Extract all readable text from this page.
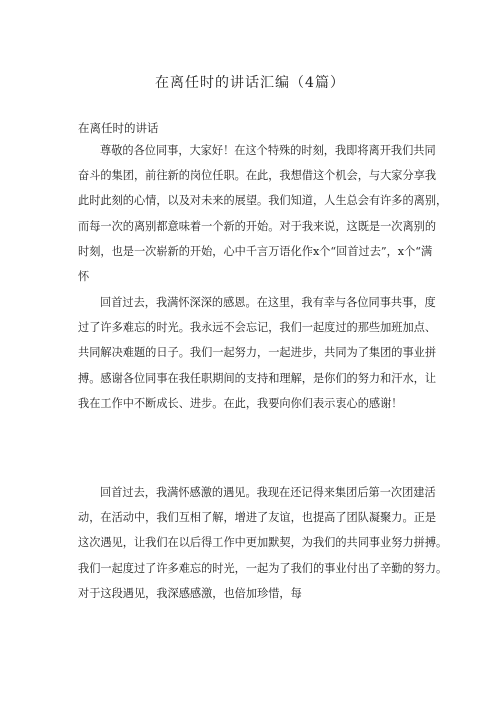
在离任时的讲话汇编（4篇）
在离任时的讲话
尊敬的各位同事，大家好！在这个特殊的时刻，我即将离开我们共同
奋斗的集团，前往新的岗位任职。在此，我想借这个机会，与大家分享我
此时此刻的心情，以及对未来的展望。我们知道，人生总会有许多的离别，
而每一次的离别都意味着一个新的开始。对于我来说，这既是一次离别的
时刻，也是一次崭新的开始，心中千言万语化作x个“回首过去”，x个“满
怀
回首过去，我满怀深深的感恩。在这里，我有幸与各位同事共事，度
过了许多难忘的时光。我永远不会忘记，我们一起度过的那些加班加点、
共同解决难题的日子。我们一起努力，一起进步，共同为了集团的事业拼
搏。感谢各位同事在我任职期间的支持和理解，是你们的努力和汗水，让
我在工作中不断成长、进步。在此，我要向你们表示衷心的感谢！
回首过去，我满怀感激的遇见。我现在还记得来集团后第一次团建活
动，在活动中，我们互相了解，增进了友谊，也提高了团队凝聚力。正是
这次遇见，让我们在以后得工作中更加默契，为我们的共同事业努力拼搏。
我们一起度过了许多难忘的时光，一起为了我们的事业付出了辛勤的努力。
对于这段遇见，我深感感激，也倍加珍惜，每
